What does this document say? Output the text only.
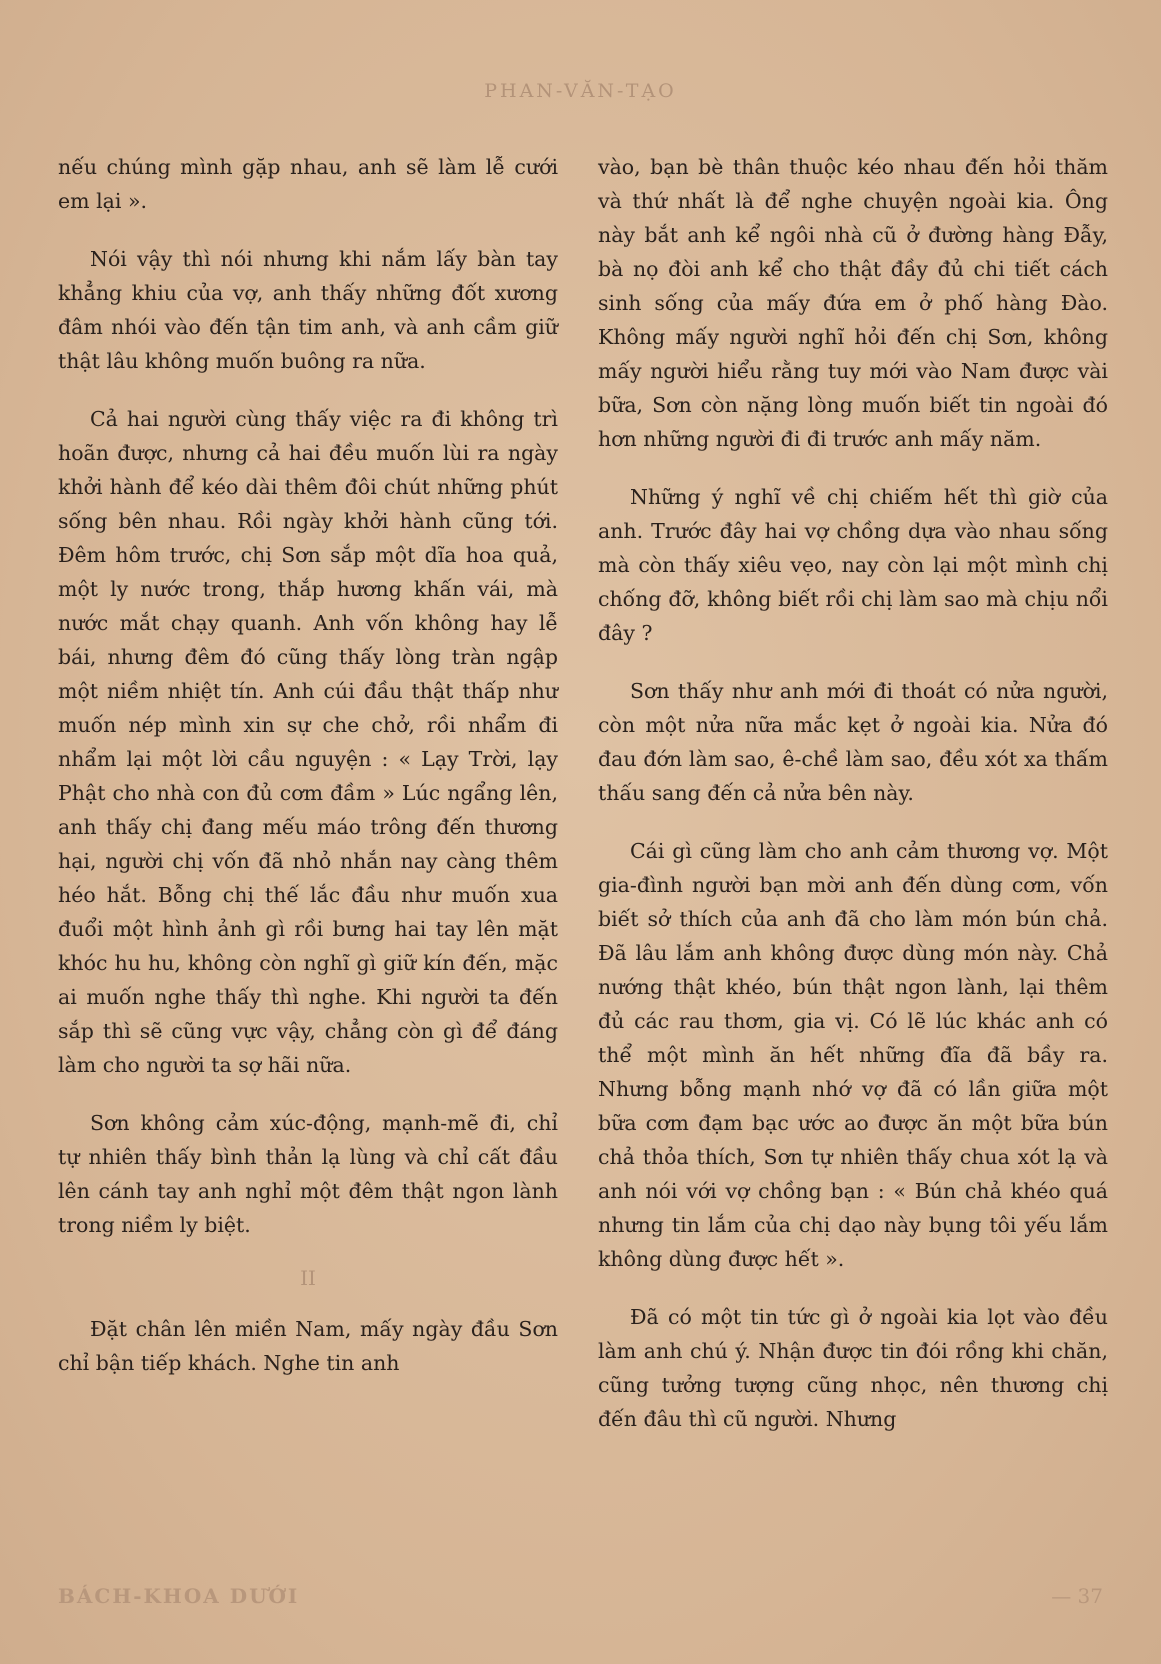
PHAN-VĂN-TẠO

nếu chúng mình gặp nhau, anh sẽ làm lễ cưới em lại ».

Nói vậy thì nói nhưng khi nắm lấy bàn tay khẳng khiu của vợ, anh thấy những đốt xương đâm nhói vào đến tận tim anh, và anh cầm giữ thật lâu không muốn buông ra nữa.

Cả hai người cùng thấy việc ra đi không trì hoãn được, nhưng cả hai đều muốn lùi ra ngày khởi hành để kéo dài thêm đôi chút những phút sống bên nhau. Rồi ngày khởi hành cũng tới. Đêm hôm trước, chị Sơn sắp một dĩa hoa quả, một ly nước trong, thắp hương khấn vái, mà nước mắt chạy quanh. Anh vốn không hay lễ bái, nhưng đêm đó cũng thấy lòng tràn ngập một niềm nhiệt tín. Anh cúi đầu thật thấp như muốn nép mình xin sự che chở, rồi nhẩm đi nhẩm lại một lời cầu nguyện : « Lạy Trời, lạy Phật cho nhà con đủ cơm đầm » Lúc ngẩng lên, anh thấy chị đang mếu máo trông đến thương hại, người chị vốn đã nhỏ nhắn nay càng thêm héo hắt. Bỗng chị thế lắc đầu như muốn xua đuổi một hình ảnh gì rồi bưng hai tay lên mặt khóc hu hu, không còn nghĩ gì giữ kín đến, mặc ai muốn nghe thấy thì nghe. Khi người ta đến sắp thì sẽ cũng vực vậy, chẳng còn gì để đáng làm cho người ta sợ hãi nữa.

Sơn không cảm xúc-động, mạnh-mẽ đi, chỉ tự nhiên thấy bình thản lạ lùng và chỉ cất đầu lên cánh tay anh nghỉ một đêm thật ngon lành trong niềm ly biệt.

II

Đặt chân lên miền Nam, mấy ngày đầu Sơn chỉ bận tiếp khách. Nghe tin anh

vào, bạn bè thân thuộc kéo nhau đến hỏi thăm và thứ nhất là để nghe chuyện ngoài kia. Ông này bắt anh kể ngôi nhà cũ ở đường hàng Đẫy, bà nọ đòi anh kể cho thật đầy đủ chi tiết cách sinh sống của mấy đứa em ở phố hàng Đào. Không mấy người nghĩ hỏi đến chị Sơn, không mấy người hiểu rằng tuy mới vào Nam được vài bữa, Sơn còn nặng lòng muốn biết tin ngoài đó hơn những người đi đi trước anh mấy năm.

Những ý nghĩ về chị chiếm hết thì giờ của anh. Trước đây hai vợ chồng dựa vào nhau sống mà còn thấy xiêu vẹo, nay còn lại một mình chị chống đỡ, không biết rồi chị làm sao mà chịu nổi đây ?

Sơn thấy như anh mới đi thoát có nửa người, còn một nửa nữa mắc kẹt ở ngoài kia. Nửa đó đau đớn làm sao, ê-chề làm sao, đều xót xa thấm thấu sang đến cả nửa bên này.

Cái gì cũng làm cho anh cảm thương vợ. Một gia-đình người bạn mời anh đến dùng cơm, vốn biết sở thích của anh đã cho làm món bún chả. Đã lâu lắm anh không được dùng món này. Chả nướng thật khéo, bún thật ngon lành, lại thêm đủ các rau thơm, gia vị. Có lẽ lúc khác anh có thể một mình ăn hết những đĩa đã bầy ra. Nhưng bỗng mạnh nhớ vợ đã có lần giữa một bữa cơm đạm bạc ước ao được ăn một bữa bún chả thỏa thích, Sơn tự nhiên thấy chua xót lạ và anh nói với vợ chồng bạn : « Bún chả khéo quá nhưng tin lắm của chị dạo này bụng tôi yếu lắm không dùng được hết ».

Đã có một tin tức gì ở ngoài kia lọt vào đều làm anh chú ý. Nhận được tin đói rồng khi chăn, cũng tưởng tượng cũng nhọc, nên thương chị đến đâu thì cũ người. Nhưng

BÁCH-KHOA DƯỚI	— 37
